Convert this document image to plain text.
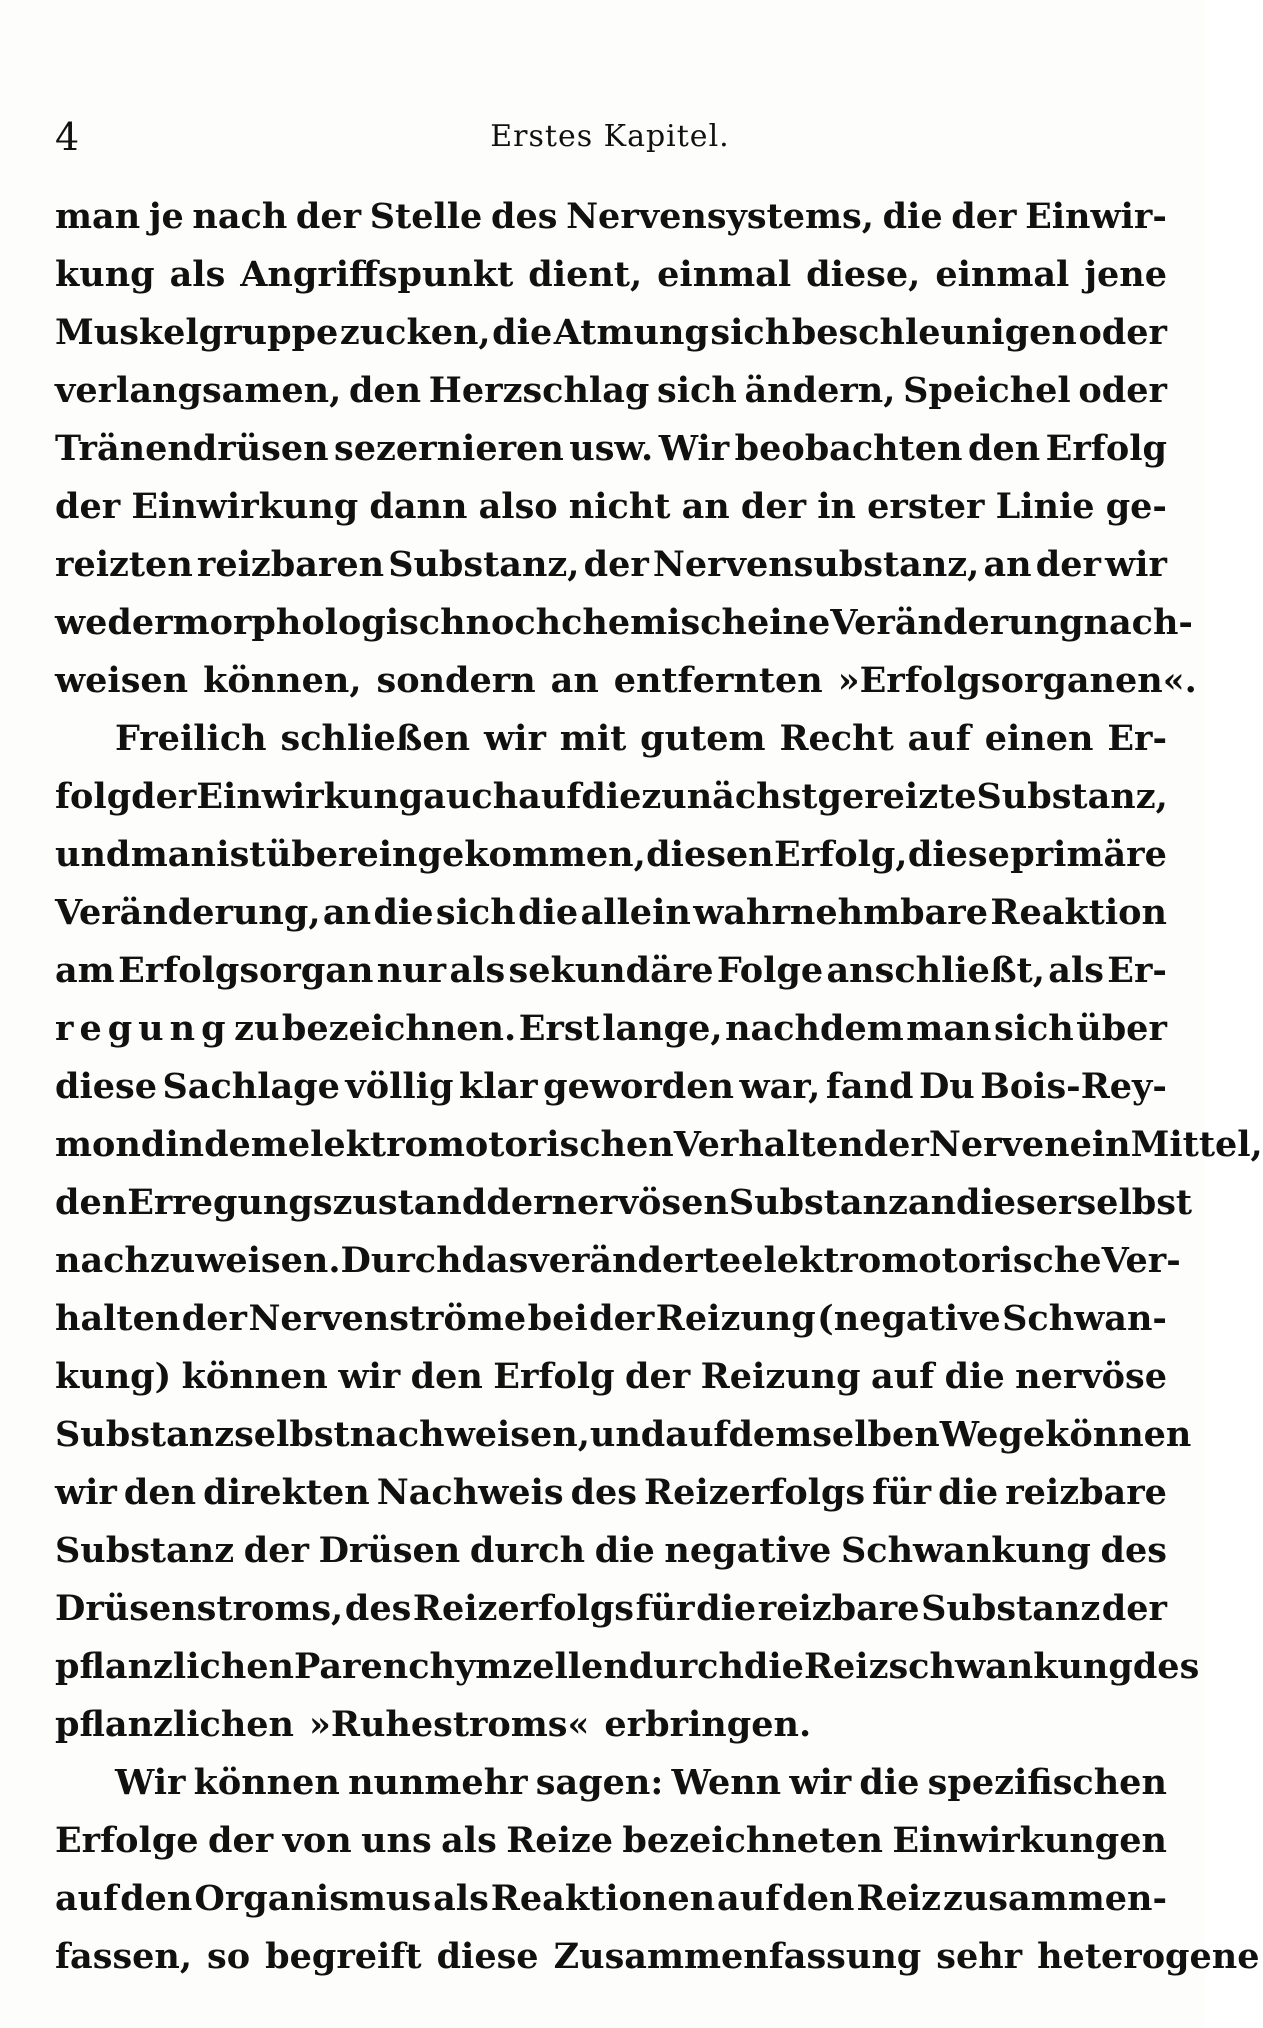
4	Erstes Kapitel.
man je nach der Stelle des Nervensystems, die der Einwir-
kung als Angriffspunkt dient, einmal diese, einmal jene
Muskelgruppe zucken, die Atmung sich beschleunigen oder
verlangsamen, den Herzschlag sich ändern, Speichel oder
Tränendrüsen sezernieren usw. Wir beobachten den Erfolg
der Einwirkung dann also nicht an der in erster Linie ge-
reizten reizbaren Substanz, der Nervensubstanz, an der wir
weder morphologisch noch chemisch eine Veränderung nach-
weisen können, sondern an entfernten »Erfolgsorganen«.
Freilich schließen wir mit gutem Recht auf einen Er-
folg der Einwirkung auch auf die zunächst gereizte Substanz,
und man ist übereingekommen, diesen Erfolg, diese primäre
Veränderung, an die sich die allein wahrnehmbare Reaktion
am Erfolgsorgan nur als sekundäre Folge anschließt, als Er-
regung zu bezeichnen. Erst lange, nachdem man sich über
diese Sachlage völlig klar geworden war, fand Du Bois-Rey-
mond in dem elektromotorischen Verhalten der Nerven ein Mittel,
den Erregungszustand der nervösen Substanz an dieser selbst
nachzuweisen. Durch das veränderte elektromotorische Ver-
halten der Nervenströme bei der Reizung (negative Schwan-
kung) können wir den Erfolg der Reizung auf die nervöse
Substanz selbst nachweisen, und auf demselben Wege können
wir den direkten Nachweis des Reizerfolgs für die reizbare
Substanz der Drüsen durch die negative Schwankung des
Drüsenstroms, des Reizerfolgs für die reizbare Substanz der
pflanzlichen Parenchymzellen durch die Reizschwankung des
pflanzlichen »Ruhestroms« erbringen.
Wir können nunmehr sagen: Wenn wir die spezifischen
Erfolge der von uns als Reize bezeichneten Einwirkungen
auf den Organismus als Reaktionen auf den Reiz zusammen-
fassen, so begreift diese Zusammenfassung sehr heterogene
